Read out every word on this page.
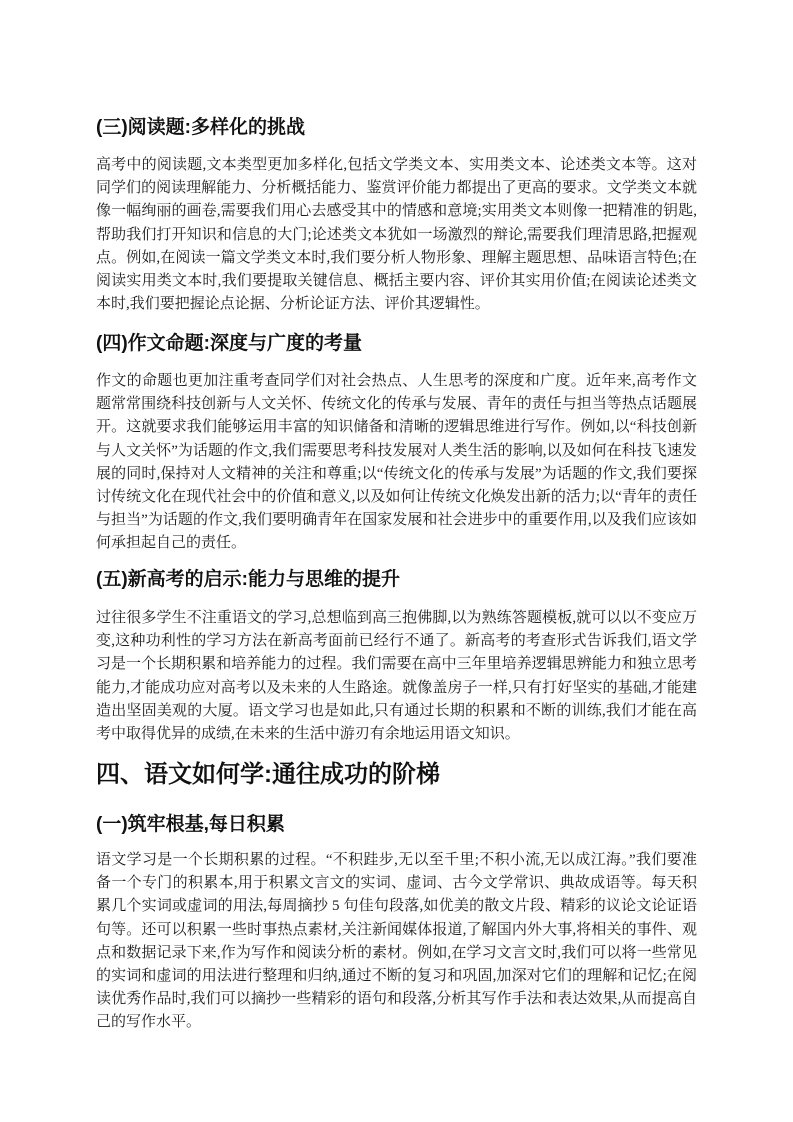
(三)阅读题:多样化的挑战

高考中的阅读题,文本类型更加多样化,包括文学类文本、实用类文本、论述类文本等。这对同学们的阅读理解能力、分析概括能力、鉴赏评价能力都提出了更高的要求。文学类文本就像一幅绚丽的画卷,需要我们用心去感受其中的情感和意境;实用类文本则像一把精准的钥匙,帮助我们打开知识和信息的大门;论述类文本犹如一场激烈的辩论,需要我们理清思路,把握观点。例如,在阅读一篇文学类文本时,我们要分析人物形象、理解主题思想、品味语言特色;在阅读实用类文本时,我们要提取关键信息、概括主要内容、评价其实用价值;在阅读论述类文本时,我们要把握论点论据、分析论证方法、评价其逻辑性。

(四)作文命题:深度与广度的考量

作文的命题也更加注重考查同学们对社会热点、人生思考的深度和广度。近年来,高考作文题常常围绕科技创新与人文关怀、传统文化的传承与发展、青年的责任与担当等热点话题展开。这就要求我们能够运用丰富的知识储备和清晰的逻辑思维进行写作。例如,以“科技创新与人文关怀”为话题的作文,我们需要思考科技发展对人类生活的影响,以及如何在科技飞速发展的同时,保持对人文精神的关注和尊重;以“传统文化的传承与发展”为话题的作文,我们要探讨传统文化在现代社会中的价值和意义,以及如何让传统文化焕发出新的活力;以“青年的责任与担当”为话题的作文,我们要明确青年在国家发展和社会进步中的重要作用,以及我们应该如何承担起自己的责任。

(五)新高考的启示:能力与思维的提升

过往很多学生不注重语文的学习,总想临到高三抱佛脚,以为熟练答题模板,就可以以不变应万变,这种功利性的学习方法在新高考面前已经行不通了。新高考的考查形式告诉我们,语文学习是一个长期积累和培养能力的过程。我们需要在高中三年里培养逻辑思辨能力和独立思考能力,才能成功应对高考以及未来的人生路途。就像盖房子一样,只有打好坚实的基础,才能建造出坚固美观的大厦。语文学习也是如此,只有通过长期的积累和不断的训练,我们才能在高考中取得优异的成绩,在未来的生活中游刃有余地运用语文知识。

四、语文如何学:通往成功的阶梯
(一)筑牢根基,每日积累

语文学习是一个长期积累的过程。“不积跬步,无以至千里;不积小流,无以成江海。”我们要准备一个专门的积累本,用于积累文言文的实词、虚词、古今文学常识、典故成语等。每天积累几个实词或虚词的用法,每周摘抄 5 句佳句段落,如优美的散文片段、精彩的议论文论证语句等。还可以积累一些时事热点素材,关注新闻媒体报道,了解国内外大事,将相关的事件、观点和数据记录下来,作为写作和阅读分析的素材。例如,在学习文言文时,我们可以将一些常见的实词和虚词的用法进行整理和归纳,通过不断的复习和巩固,加深对它们的理解和记忆;在阅读优秀作品时,我们可以摘抄一些精彩的语句和段落,分析其写作手法和表达效果,从而提高自己的写作水平。
